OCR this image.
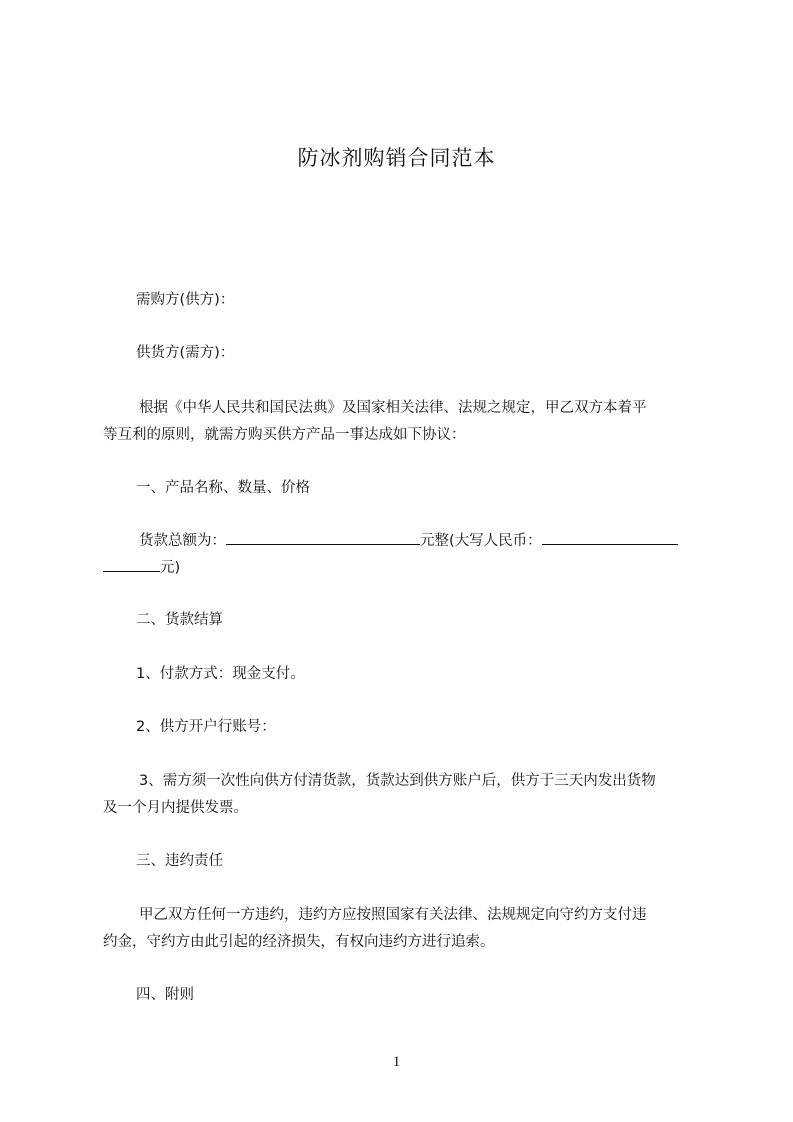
防冰剂购销合同范本
需购方(供方)：
供货方(需方)：
根据《中华人民共和国民法典》及国家相关法律、法规之规定，甲乙双方本着平
等互利的原则，就需方购买供方产品一事达成如下协议：
一、产品名称、数量、价格
货款总额为：	元整(大写人民币：
元)
二、货款结算
1、付款方式：现金支付。
2、供方开户行账号：
3、需方须一次性向供方付清货款，货款达到供方账户后，供方于三天内发出货物
及一个月内提供发票。
三、违约责任
甲乙双方任何一方违约，违约方应按照国家有关法律、法规规定向守约方支付违
约金，守约方由此引起的经济损失，有权向违约方进行追索。
四、附则
1
